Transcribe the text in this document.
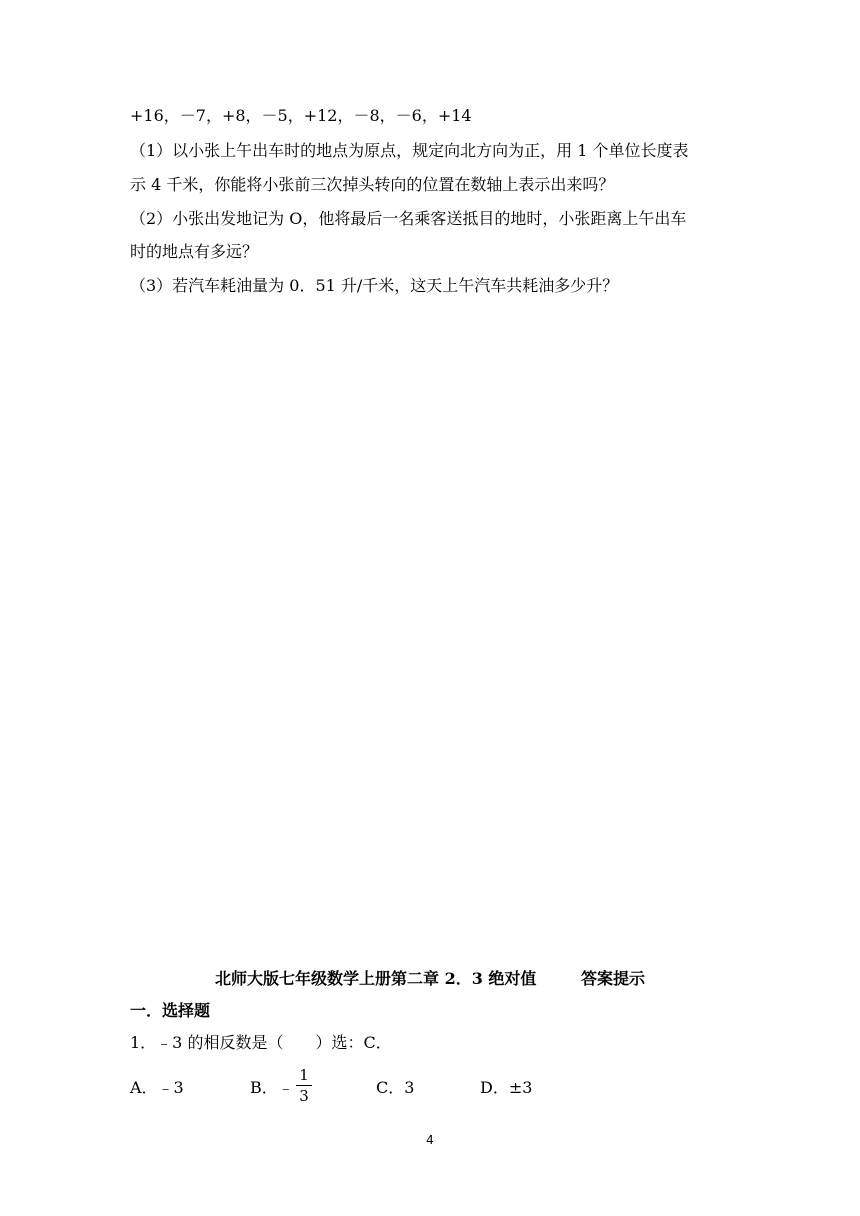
+16，－7，+8，－5，+12，－8，－6，+14
（1）以小张上午出车时的地点为原点，规定向北方向为正，用 1 个单位长度表
示 4 千米，你能将小张前三次掉头转向的位置在数轴上表示出来吗？
（2）小张出发地记为 O，他将最后一名乘客送抵目的地时，小张距离上午出车
时的地点有多远？
（3）若汽车耗油量为 0．51 升/千米，这天上午汽车共耗油多少升？
北师大版七年级数学上册第二章 2．3 绝对值        答案提示
一．选择题
1．﹣3 的相反数是（　　）选：C．
A．﹣3	B．﹣
1
3	C．3	D．±3
4
